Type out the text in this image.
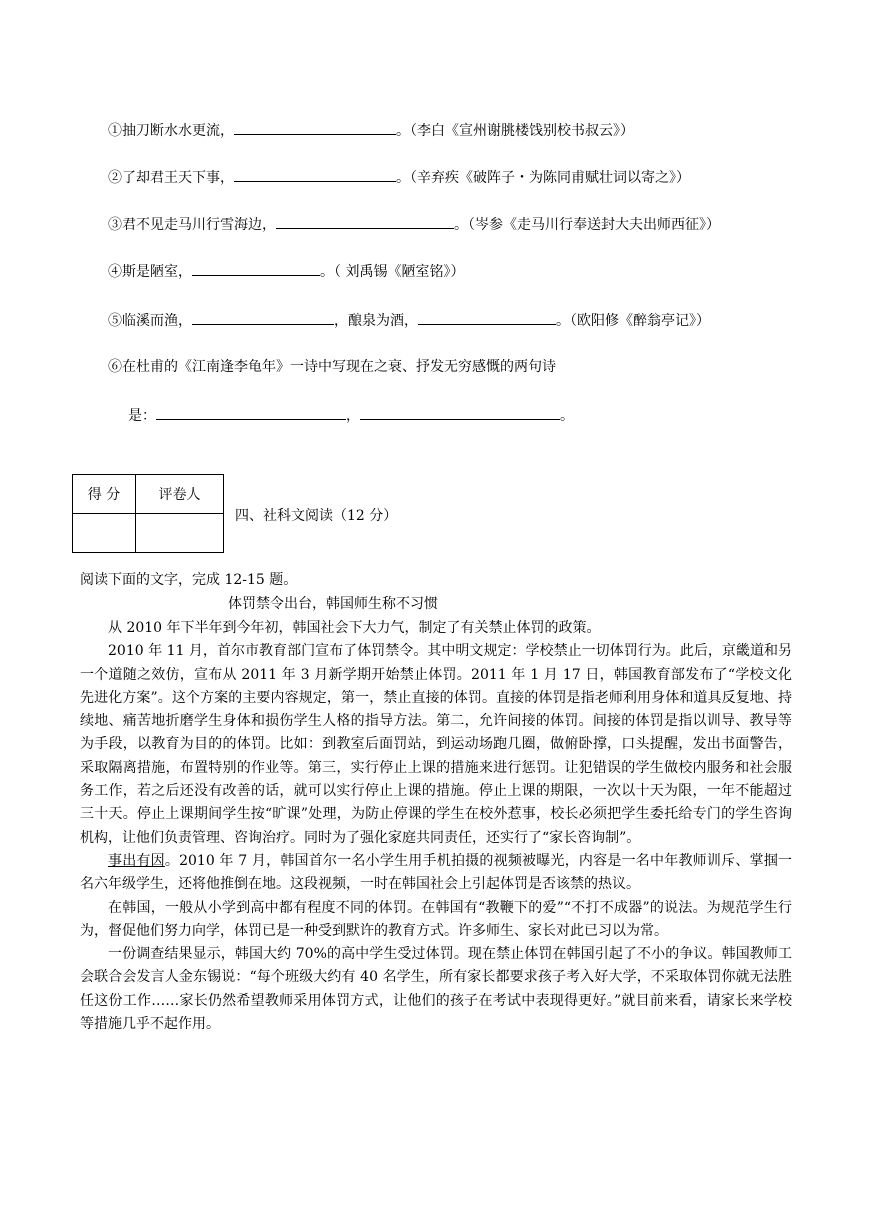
①抽刀断水水更流，	。（李白《宣州谢朓楼饯别校书叔云》）
②了却君王天下事，	。（辛弃疾《破阵子・为陈同甫赋壮词以寄之》）
③君不见走马川行雪海边，	。（岑参《走马川行奉送封大夫出师西征》）
④斯是陋室，	。（ 刘禹锡《陋室铭》）
⑤临溪而渔，	，酿泉为酒，	。（欧阳修《醉翁亭记》）
⑥在杜甫的《江南逢李龟年》一诗中写现在之衰、抒发无穷感慨的两句诗
是：	，	。
得 分	评卷人

四、社科文阅读（12 分）
阅读下面的文字，完成 12-15 题。
体罚禁令出台，韩国师生称不习惯

从 2010 年下半年到今年初，韩国社会下大力气，制定了有关禁止体罚的政策。

2010 年 11 月，首尔市教育部门宣布了体罚禁令。其中明文规定：学校禁止一切体罚行为。此后，京畿道和另一个道随之效仿，宣布从 2011 年 3 月新学期开始禁止体罚。2011 年 1 月 17 日，韩国教育部发布了“学校文化先进化方案”。这个方案的主要内容规定，第一，禁止直接的体罚。直接的体罚是指老师利用身体和道具反复地、持续地、痛苦地折磨学生身体和损伤学生人格的指导方法。第二，允许间接的体罚。间接的体罚是指以训导、教导等为手段，以教育为目的的体罚。比如：到教室后面罚站，到运动场跑几圈，做俯卧撑，口头提醒，发出书面警告，采取隔离措施，布置特别的作业等。第三，实行停止上课的措施来进行惩罚。让犯错误的学生做校内服务和社会服务工作，若之后还没有改善的话，就可以实行停止上课的措施。停止上课的期限，一次以十天为限，一年不能超过三十天。停止上课期间学生按“旷课”处理，为防止停课的学生在校外惹事，校长必须把学生委托给专门的学生咨询机构，让他们负责管理、咨询治疗。同时为了强化家庭共同责任，还实行了“家长咨询制”。

事出有因。2010 年 7 月，韩国首尔一名小学生用手机拍摄的视频被曝光，内容是一名中年教师训斥、掌掴一名六年级学生，还将他推倒在地。这段视频，一时在韩国社会上引起体罚是否该禁的热议。

在韩国，一般从小学到高中都有程度不同的体罚。在韩国有“教鞭下的爱”“不打不成器”的说法。为规范学生行为，督促他们努力向学，体罚已是一种受到默许的教育方式。许多师生、家长对此已习以为常。

一份调查结果显示，韩国大约 70%的高中学生受过体罚。现在禁止体罚在韩国引起了不小的争议。韩国教师工会联合会发言人金东锡说：“每个班级大约有 40 名学生，所有家长都要求孩子考入好大学，不采取体罚你就无法胜任这份工作……家长仍然希望教师采用体罚方式，让他们的孩子在考试中表现得更好。”就目前来看，请家长来学校等措施几乎不起作用。
